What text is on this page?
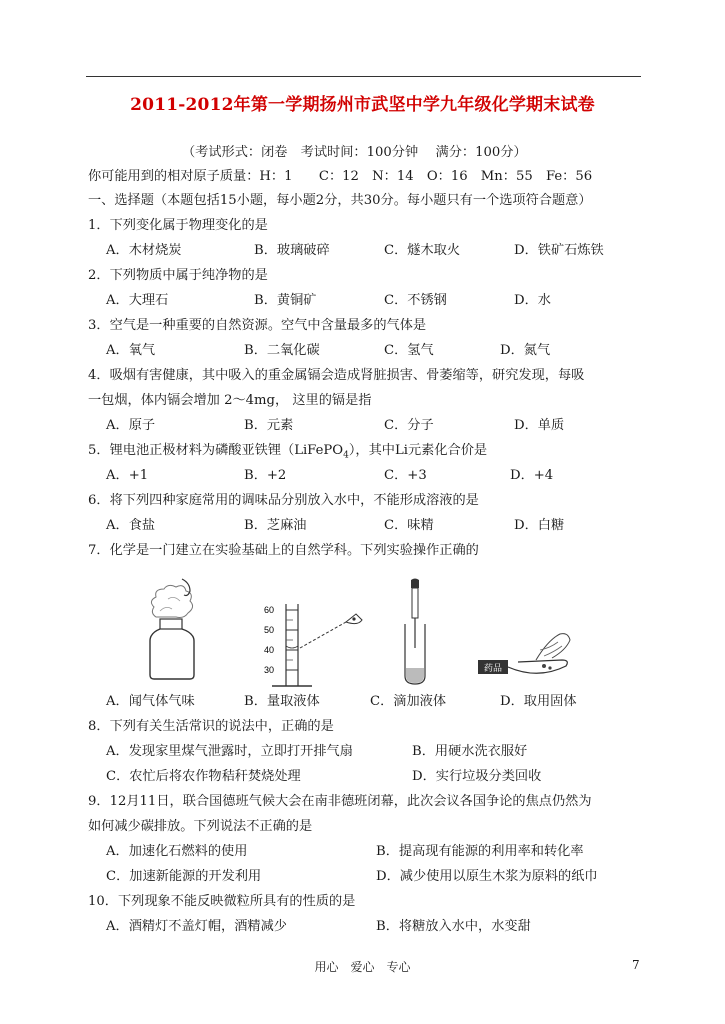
2011-2012年第一学期扬州市武坚中学九年级化学期末试卷
（考试形式：闭卷　考试时间：100分钟　 满分：100分）
你可能用到的相对原子质量：H：1　　C：12　N：14　O：16　Mn：55　Fe：56
一、选择题（本题包括15小题，每小题2分，共30分。每小题只有一个选项符合题意）
1．下列变化属于物理变化的是
A．木材烧炭	B．玻璃破碎	C．燧木取火	D．铁矿石炼铁
2．下列物质中属于纯净物的是
A．大理石	B．黄铜矿	C．不锈钢	D．水
3．空气是一种重要的自然资源。空气中含量最多的气体是
A．氧气	B．二氧化碳	C．氢气	D．氮气
4．吸烟有害健康，其中吸入的重金属镉会造成肾脏损害、骨萎缩等，研究发现，每吸
一包烟，体内镉会增加 2～4mg， 这里的镉是指
A．原子	B．元素	C．分子	D．单质
5．锂电池正极材料为磷酸亚铁锂（LiFePO$_4$），其中Li元素化合价是
A．+1	B．+2	C．+3	D．+4
6．将下列四种家庭常用的调味品分别放入水中，不能形成溶液的是
A．食盐	B．芝麻油	C．味精	D．白糖
7．化学是一门建立在实验基础上的自然学科。下列实验操作正确的
60
50
40
30	药品
A．闻气体气味	B．量取液体	C．滴加液体	D．取用固体
8．下列有关生活常识的说法中，正确的是
A．发现家里煤气泄露时，立即打开排气扇	B．用硬水洗衣服好
C．农忙后将农作物秸秆焚烧处理	D．实行垃圾分类回收
9．12月11日，联合国德班气候大会在南非德班闭幕，此次会议各国争论的焦点仍然为
如何减少碳排放。下列说法不正确的是
A．加速化石燃料的使用	B．提高现有能源的利用率和转化率
C．加速新能源的开发利用	D．减少使用以原生木浆为原料的纸巾
10．下列现象不能反映微粒所具有的性质的是
A．酒精灯不盖灯帽，酒精减少	B．将糖放入水中，水变甜
用心　爱心　专心	7
